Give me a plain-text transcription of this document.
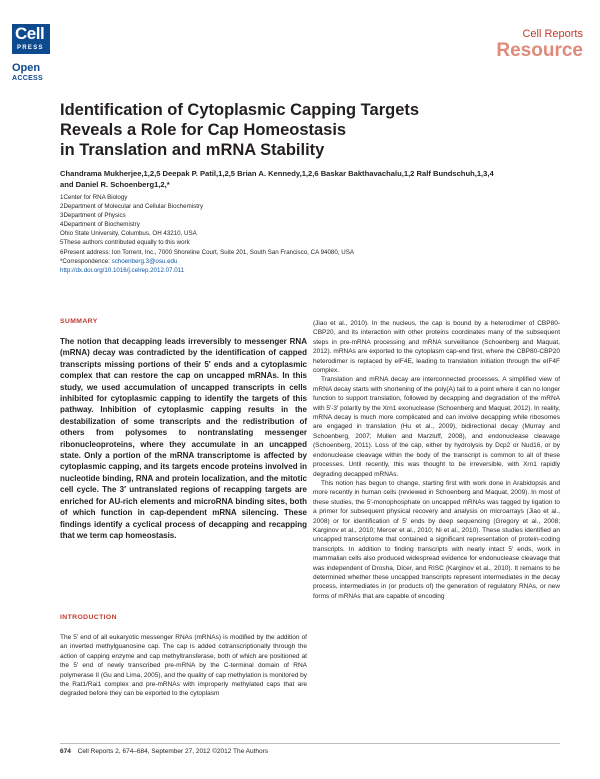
Cell
PRESS
Open
ACCESS
Cell Reports
Resource
Identification of Cytoplasmic Capping Targets
Reveals a Role for Cap Homeostasis
in Translation and mRNA Stability
Chandrama Mukherjee,1,2,5 Deepak P. Patil,1,2,5 Brian A. Kennedy,1,2,6 Baskar Bakthavachalu,1,2 Ralf Bundschuh,1,3,4
and Daniel R. Schoenberg1,2,*
1Center for RNA Biology
2Department of Molecular and Cellular Biochemistry
3Department of Physics
4Department of Biochemistry
Ohio State University, Columbus, OH 43210, USA
5These authors contributed equally to this work
6Present address: Ion Torrent, Inc., 7000 Shoreline Court, Suite 201, South San Francisco, CA 94080, USA
*Correspondence: schoenberg.3@osu.edu
http://dx.doi.org/10.1016/j.celrep.2012.07.011
SUMMARY
The notion that decapping leads irreversibly to messenger RNA (mRNA) decay was contradicted by the identification of capped transcripts missing portions of their 5′ ends and a cytoplasmic complex that can restore the cap on uncapped mRNAs. In this study, we used accumulation of uncapped transcripts in cells inhibited for cytoplasmic capping to identify the targets of this pathway. Inhibition of cytoplasmic capping results in the destabilization of some transcripts and the redistribution of others from polysomes to nontranslating messenger ribonucleoproteins, where they accumulate in an uncapped state. Only a portion of the mRNA transcriptome is affected by cytoplasmic capping, and its targets encode proteins involved in nucleotide binding, RNA and protein localization, and the mitotic cell cycle. The 3′ untranslated regions of recapping targets are enriched for AU-rich elements and microRNA binding sites, both of which function in cap-dependent mRNA silencing. These findings identify a cyclical process of decapping and recapping that we term cap homeostasis.
INTRODUCTION
The 5′ end of all eukaryotic messenger RNAs (mRNAs) is modified by the addition of an inverted methylguanosine cap. The cap is added cotranscriptionally through the action of capping enzyme and cap methyltransferase, both of which are positioned at the 5′ end of newly transcribed pre-mRNA by the C-terminal domain of RNA polymerase II (Gu and Lima, 2005), and the quality of cap methylation is monitored by the Rat1/Rai1 complex and pre-mRNAs with improperly methylated caps that are degraded before they can be exported to the cytoplasm

(Jiao et al., 2010). In the nucleus, the cap is bound by a heterodimer of CBP80-CBP20, and its interaction with other proteins coordinates many of the subsequent steps in pre-mRNA processing and mRNA surveillance (Schoenberg and Maquat, 2012). mRNAs are exported to the cytoplasm cap-end first, where the CBP80-CBP20 heterodimer is replaced by eIF4E, leading to translation initiation through the eIF4F complex.

Translation and mRNA decay are interconnected processes. A simplified view of mRNA decay starts with shortening of the poly(A) tail to a point where it can no longer function to support translation, followed by decapping and degradation of the mRNA with 5′-3′ polarity by the Xrn1 exonuclease (Schoenberg and Maquat, 2012). In reality, mRNA decay is much more complicated and can involve decapping while ribosomes are engaged in translation (Hu et al., 2009), bidirectional decay (Murray and Schoenberg, 2007; Mullen and Marzluff, 2008), and endonuclease cleavage (Schoenberg, 2011). Loss of the cap, either by hydrolysis by Dcp2 or Nud16, or by endonuclease cleavage within the body of the transcript is common to all of these processes. Until recently, this was thought to be irreversible, with Xrn1 rapidly degrading decapped mRNAs.

This notion has begun to change, starting first with work done in Arabidopsis and more recently in human cells (reviewed in Schoenberg and Maquat, 2009). In most of these studies, the 5′-monophosphate on uncapped mRNAs was tagged by ligation to a primer for subsequent physical recovery and analysis on microarrays (Jiao et al., 2008) or for identification of 5′ ends by deep sequencing (Gregory et al., 2008; Karginov et al., 2010; Mercer et al., 2010; Ni et al., 2010). These studies identified an uncapped transcriptome that contained a significant representation of protein-coding transcripts. In addition to finding transcripts with nearly intact 5′ ends, work in mammalian cells also produced widespread evidence for endonuclease cleavage that was independent of Drosha, Dicer, and RISC (Karginov et al., 2010). It remains to be determined whether these uncapped transcripts represent intermediates in the decay process, intermediates in (or products of) the generation of regulatory RNAs, or new forms of mRNAs that are capable of encoding

674 Cell Reports 2, 674–684, September 27, 2012 ©2012 The Authors
